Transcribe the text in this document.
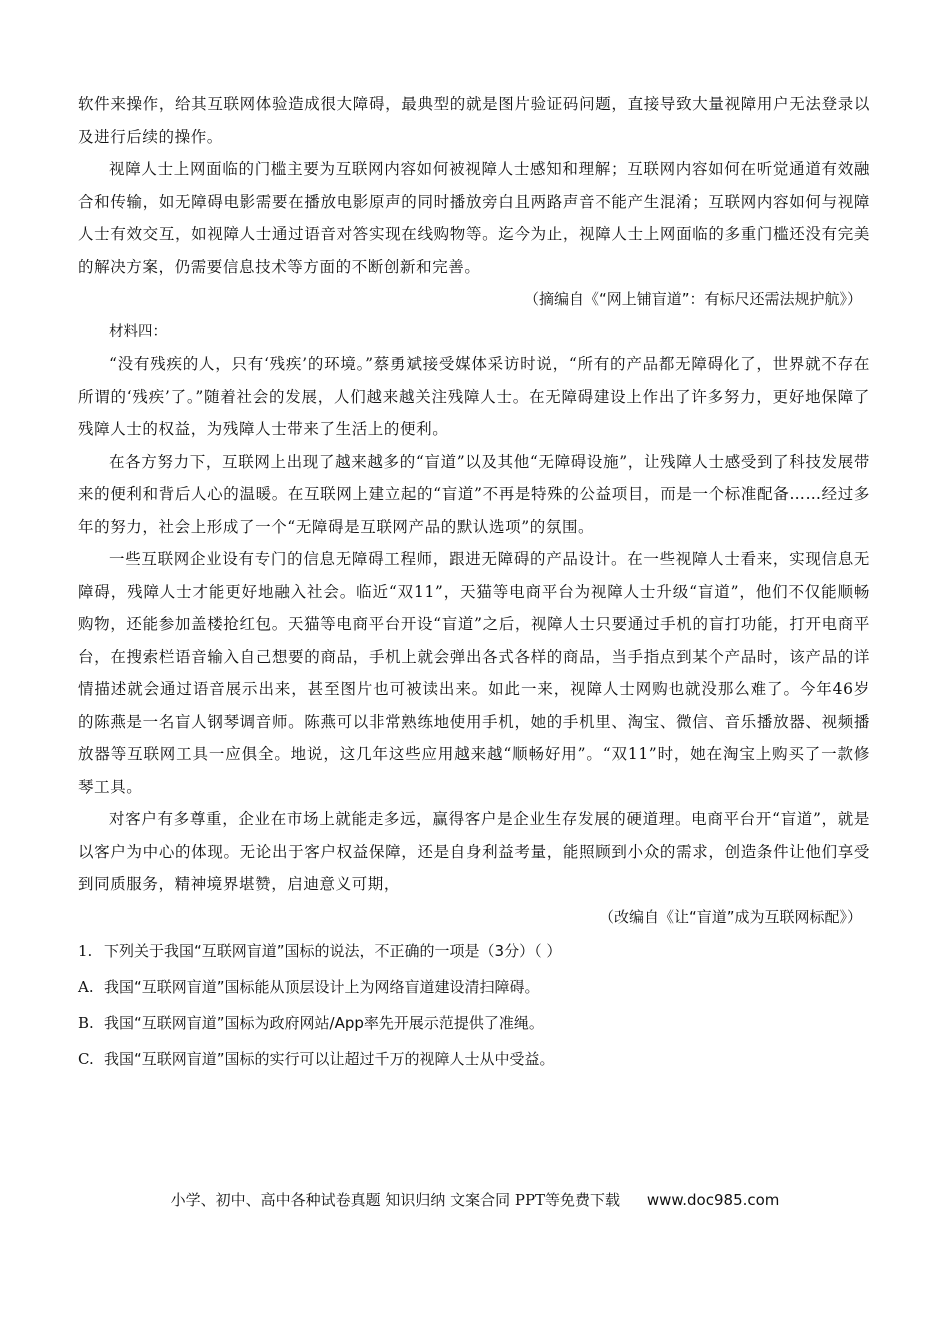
软件来操作，给其互联网体验造成很大障碍，最典型的就是图片验证码问题，直接导致大量视障用户无法登录以及进行后续的操作。

视障人士上网面临的门槛主要为互联网内容如何被视障人士感知和理解；互联网内容如何在听觉通道有效融合和传输，如无障碍电影需要在播放电影原声的同时播放旁白且两路声音不能产生混淆；互联网内容如何与视障人士有效交互，如视障人士通过语音对答实现在线购物等。迄今为止，视障人士上网面临的多重门槛还没有完美的解决方案，仍需要信息技术等方面的不断创新和完善。

（摘编自《“网上铺盲道”：有标尺还需法规护航》）

材料四：

“没有残疾的人，只有‘残疾’的环境。”蔡勇斌接受媒体采访时说，“所有的产品都无障碍化了，世界就不存在所谓的‘残疾’了。”随着社会的发展，人们越来越关注残障人士。在无障碍建设上作出了许多努力，更好地保障了残障人士的权益，为残障人士带来了生活上的便利。

在各方努力下，互联网上出现了越来越多的“盲道”以及其他“无障碍设施”，让残障人士感受到了科技发展带来的便利和背后人心的温暖。在互联网上建立起的“盲道”不再是特殊的公益项目，而是一个标准配备……经过多年的努力，社会上形成了一个“无障碍是互联网产品的默认选项”的氛围。

一些互联网企业设有专门的信息无障碍工程师，跟进无障碍的产品设计。在一些视障人士看来，实现信息无障碍，残障人士才能更好地融入社会。临近“双11”，天猫等电商平台为视障人士升级“盲道”，他们不仅能顺畅购物，还能参加盖楼抢红包。天猫等电商平台开设“盲道”之后，视障人士只要通过手机的盲打功能，打开电商平台，在搜索栏语音输入自己想要的商品，手机上就会弹出各式各样的商品，当手指点到某个产品时，该产品的详情描述就会通过语音展示出来，甚至图片也可被读出来。如此一来，视障人士网购也就没那么难了。今年46岁的陈燕是一名盲人钢琴调音师。陈燕可以非常熟练地使用手机，她的手机里、淘宝、微信、音乐播放器、视频播放器等互联网工具一应俱全。地说，这几年这些应用越来越“顺畅好用”。“双11”时，她在淘宝上购买了一款修琴工具。

对客户有多尊重，企业在市场上就能走多远，赢得客户是企业生存发展的硬道理。电商平台开“盲道”，就是以客户为中心的体现。无论出于客户权益保障，还是自身利益考量，能照顾到小众的需求，创造条件让他们享受到同质服务，精神境界堪赞，启迪意义可期，

（改编自《让“盲道”成为互联网标配》）

1. 下列关于我国“互联网盲道”国标的说法，不正确的一项是（3分）（ ）
A. 我国“互联网盲道”国标能从顶层设计上为网络盲道建设清扫障碍。
B. 我国“互联网盲道”国标为政府网站/App率先开展示范提供了准绳。
C. 我国“互联网盲道”国标的实行可以让超过千万的视障人士从中受益。
小学、初中、高中各种试卷真题 知识归纳 文案合同 PPT等免费下载 www.doc985.com
